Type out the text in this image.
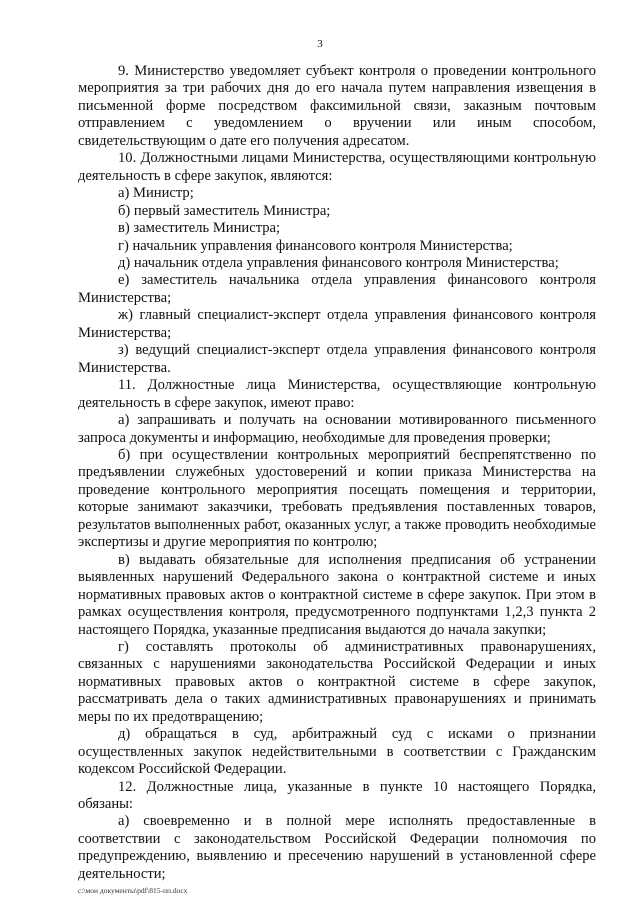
3

9. Министерство уведомляет субъект контроля о проведении контрольного мероприятия за три рабочих дня до его начала путем направления извещения в письменной форме посредством факсимильной связи, заказным почтовым отправлением с уведомлением о вручении или иным способом, свидетельствующим о дате его получения адресатом.

10. Должностными лицами Министерства, осуществляющими контрольную деятельность в сфере закупок, являются:

а) Министр;

б) первый заместитель Министра;

в) заместитель Министра;

г) начальник управления финансового контроля Министерства;

д) начальник отдела управления финансового контроля Министерства;

е) заместитель начальника отдела управления финансового контроля Министерства;

ж) главный специалист-эксперт отдела управления финансового контроля Министерства;

з) ведущий специалист-эксперт отдела управления финансового контроля Министерства.

11. Должностные лица Министерства, осуществляющие контрольную деятельность в сфере закупок, имеют право:

а) запрашивать и получать на основании мотивированного письменного запроса документы и информацию, необходимые для проведения проверки;

б) при осуществлении контрольных мероприятий беспрепятственно по предъявлении служебных удостоверений и копии приказа Министерства на проведение контрольного мероприятия посещать помещения и территории, которые занимают заказчики, требовать предъявления поставленных товаров, результатов выполненных работ, оказанных услуг, а также проводить необходимые экспертизы и другие мероприятия по контролю;

в) выдавать обязательные для исполнения предписания об устранении выявленных нарушений Федерального закона о контрактной системе и иных нормативных правовых актов о контрактной системе в сфере закупок. При этом в рамках осуществления контроля, предусмотренного подпунктами 1,2,3 пункта 2 настоящего Порядка, указанные предписания выдаются до начала закупки;

г) составлять протоколы об административных правонарушениях, связанных с нарушениями законодательства Российской Федерации и иных нормативных правовых актов о контрактной системе в сфере закупок, рассматривать дела о таких административных правонарушениях и принимать меры по их предотвращению;

д) обращаться в суд, арбитражный суд с исками о признании осуществленных закупок недействительными в соответствии с Гражданским кодексом Российской Федерации.

12. Должностные лица, указанные в пункте 10 настоящего Порядка, обязаны:

а) своевременно и в полной мере исполнять предоставленные в соответствии с законодательством Российской Федерации полномочия по предупреждению, выявлению и пресечению нарушений в установленной сфере деятельности;

c:\мои документы\pdf\815-пп.docx
